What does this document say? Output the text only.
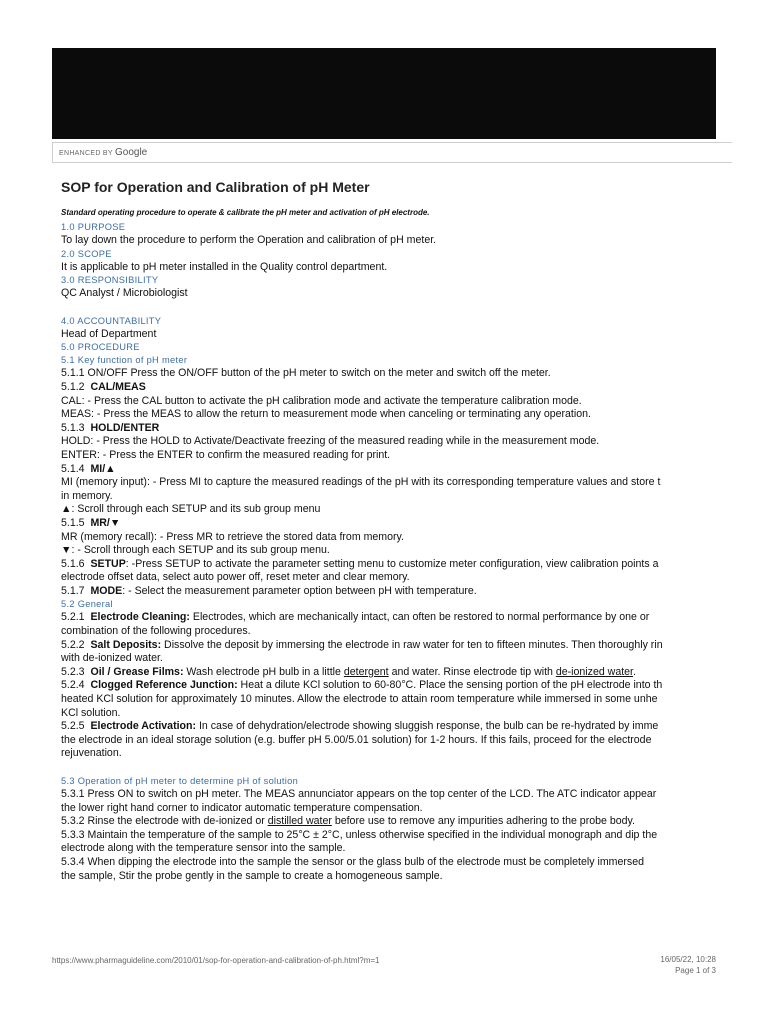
ENHANCED BY Google
SOP for Operation and Calibration of pH Meter
Standard operating procedure to operate & calibrate the pH meter and activation of pH electrode.
1.0 PURPOSE
To lay down the procedure to perform the Operation and calibration of pH meter.
2.0 SCOPE
It is applicable to pH meter installed in the Quality control department.
3.0 RESPONSIBILITY
QC Analyst / Microbiologist
4.0 ACCOUNTABILITY
Head of Department
5.0 PROCEDURE
5.1 Key function of pH meter
5.1.1 ON/OFF Press the ON/OFF button of the pH meter to switch on the meter and switch off the meter.
5.1.2 CAL/MEAS
CAL: - Press the CAL button to activate the pH calibration mode and activate the temperature calibration mode.
MEAS: - Press the MEAS to allow the return to measurement mode when canceling or terminating any operation.
5.1.3 HOLD/ENTER
HOLD: - Press the HOLD to Activate/Deactivate freezing of the measured reading while in the measurement mode.
ENTER: - Press the ENTER to confirm the measured reading for print.
5.1.4 MI/▲
MI (memory input): - Press MI to capture the measured readings of the pH with its corresponding temperature values and store t
in memory.
▲: Scroll through each SETUP and its sub group menu
5.1.5 MR/▼
MR (memory recall): - Press MR to retrieve the stored data from memory.
▼: - Scroll through each SETUP and its sub group menu.
5.1.6 SETUP: -Press SETUP to activate the parameter setting menu to customize meter configuration, view calibration points a
electrode offset data, select auto power off, reset meter and clear memory.
5.1.7 MODE: - Select the measurement parameter option between pH with temperature.
5.2 General
5.2.1 Electrode Cleaning: Electrodes, which are mechanically intact, can often be restored to normal performance by one or
combination of the following procedures.
5.2.2 Salt Deposits: Dissolve the deposit by immersing the electrode in raw water for ten to fifteen minutes. Then thoroughly rin
with de-ionized water.
5.2.3 Oil / Grease Films: Wash electrode pH bulb in a little detergent and water. Rinse electrode tip with de-ionized water.
5.2.4 Clogged Reference Junction: Heat a dilute KCl solution to 60-80°C. Place the sensing portion of the pH electrode into th
heated KCl solution for approximately 10 minutes. Allow the electrode to attain room temperature while immersed in some unhe
KCl solution.
5.2.5 Electrode Activation: In case of dehydration/electrode showing sluggish response, the bulb can be re-hydrated by imme
the electrode in an ideal storage solution (e.g. buffer pH 5.00/5.01 solution) for 1-2 hours. If this fails, proceed for the electrode
rejuvenation.
5.3 Operation of pH meter to determine pH of solution
5.3.1 Press ON to switch on pH meter. The MEAS annunciator appears on the top center of the LCD. The ATC indicator appear
the lower right hand corner to indicator automatic temperature compensation.
5.3.2 Rinse the electrode with de-ionized or distilled water before use to remove any impurities adhering to the probe body.
5.3.3 Maintain the temperature of the sample to 25°C ± 2°C, unless otherwise specified in the individual monograph and dip the
electrode along with the temperature sensor into the sample.
5.3.4 When dipping the electrode into the sample the sensor or the glass bulb of the electrode must be completely immersed
the sample, Stir the probe gently in the sample to create a homogeneous sample.
https://www.pharmaguideline.com/2010/01/sop-for-operation-and-calibration-of-ph.html?m=1	16/05/22, 10:28
Page 1 of 3
